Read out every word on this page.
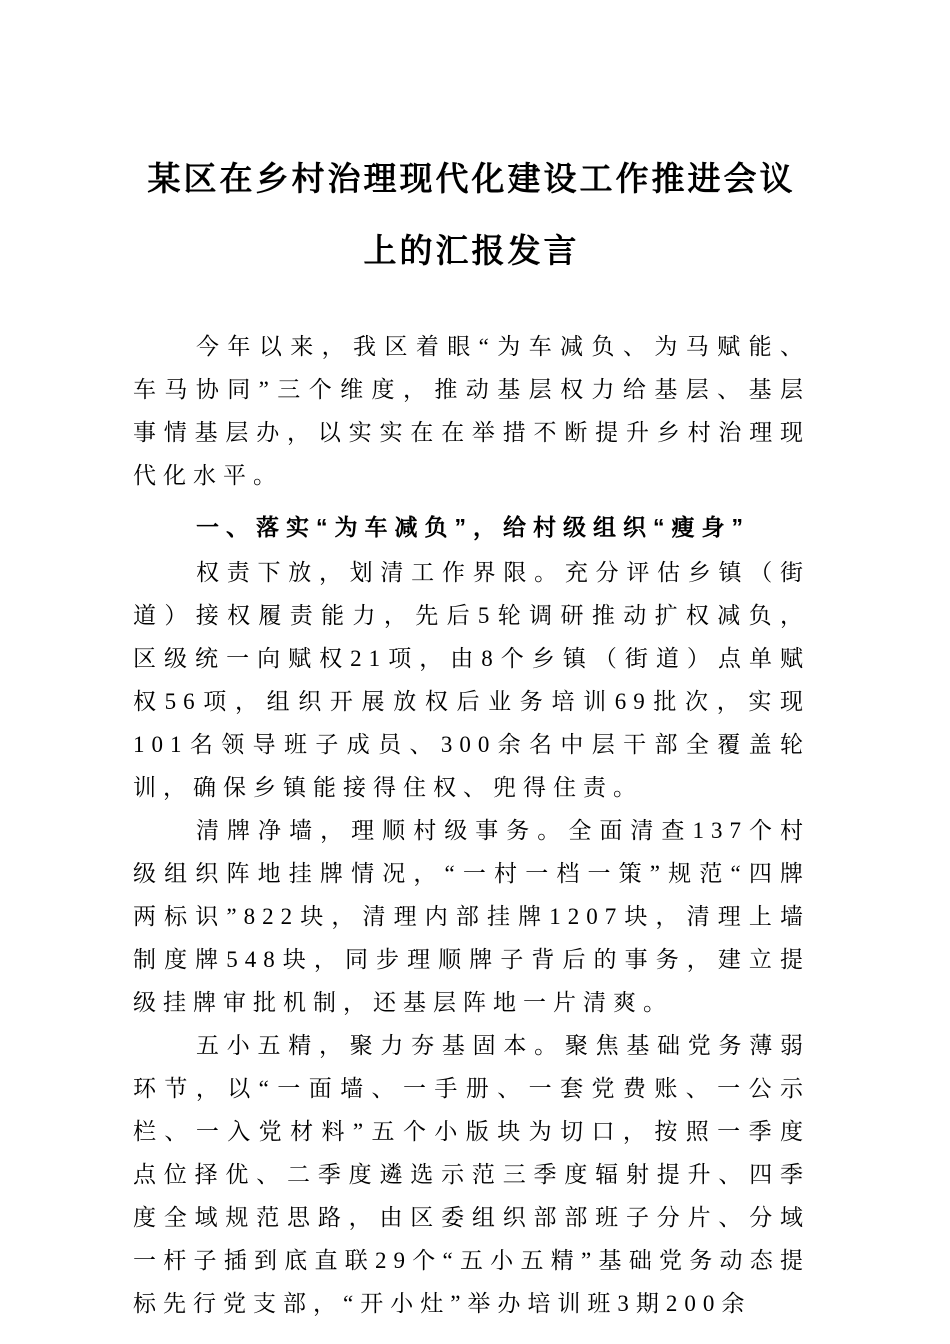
某区在乡村治理现代化建设工作推进会议
上的汇报发言

今年以来，我区着眼“为车减负、为马赋能、车马协同”三个维度，推动基层权力给基层、基层事情基层办，以实实在在举措不断提升乡村治理现代化水平。

一、落实“为车减负”，给村级组织“瘦身”

权责下放，划清工作界限。充分评估乡镇（街道）接权履责能力，先后5轮调研推动扩权减负，区级统一向赋权21项，由8个乡镇（街道）点单赋权56项，组织开展放权后业务培训69批次，实现101名领导班子成员、300余名中层干部全覆盖轮训，确保乡镇能接得住权、兜得住责。

清牌净墙，理顺村级事务。全面清查137个村级组织阵地挂牌情况，“一村一档一策”规范“四牌两标识”822块，清理内部挂牌1207块，清理上墙制度牌548块，同步理顺牌子背后的事务，建立提级挂牌审批机制，还基层阵地一片清爽。

五小五精，聚力夯基固本。聚焦基础党务薄弱环节，以“一面墙、一手册、一套党费账、一公示栏、一入党材料”五个小版块为切口，按照一季度点位择优、二季度遴选示范三季度辐射提升、四季度全域规范思路，由区委组织部部班子分片、分域一杆子插到底直联29个“五小五精”基础党务动态提标先行党支部，“开小灶”举办培训班3期200余
